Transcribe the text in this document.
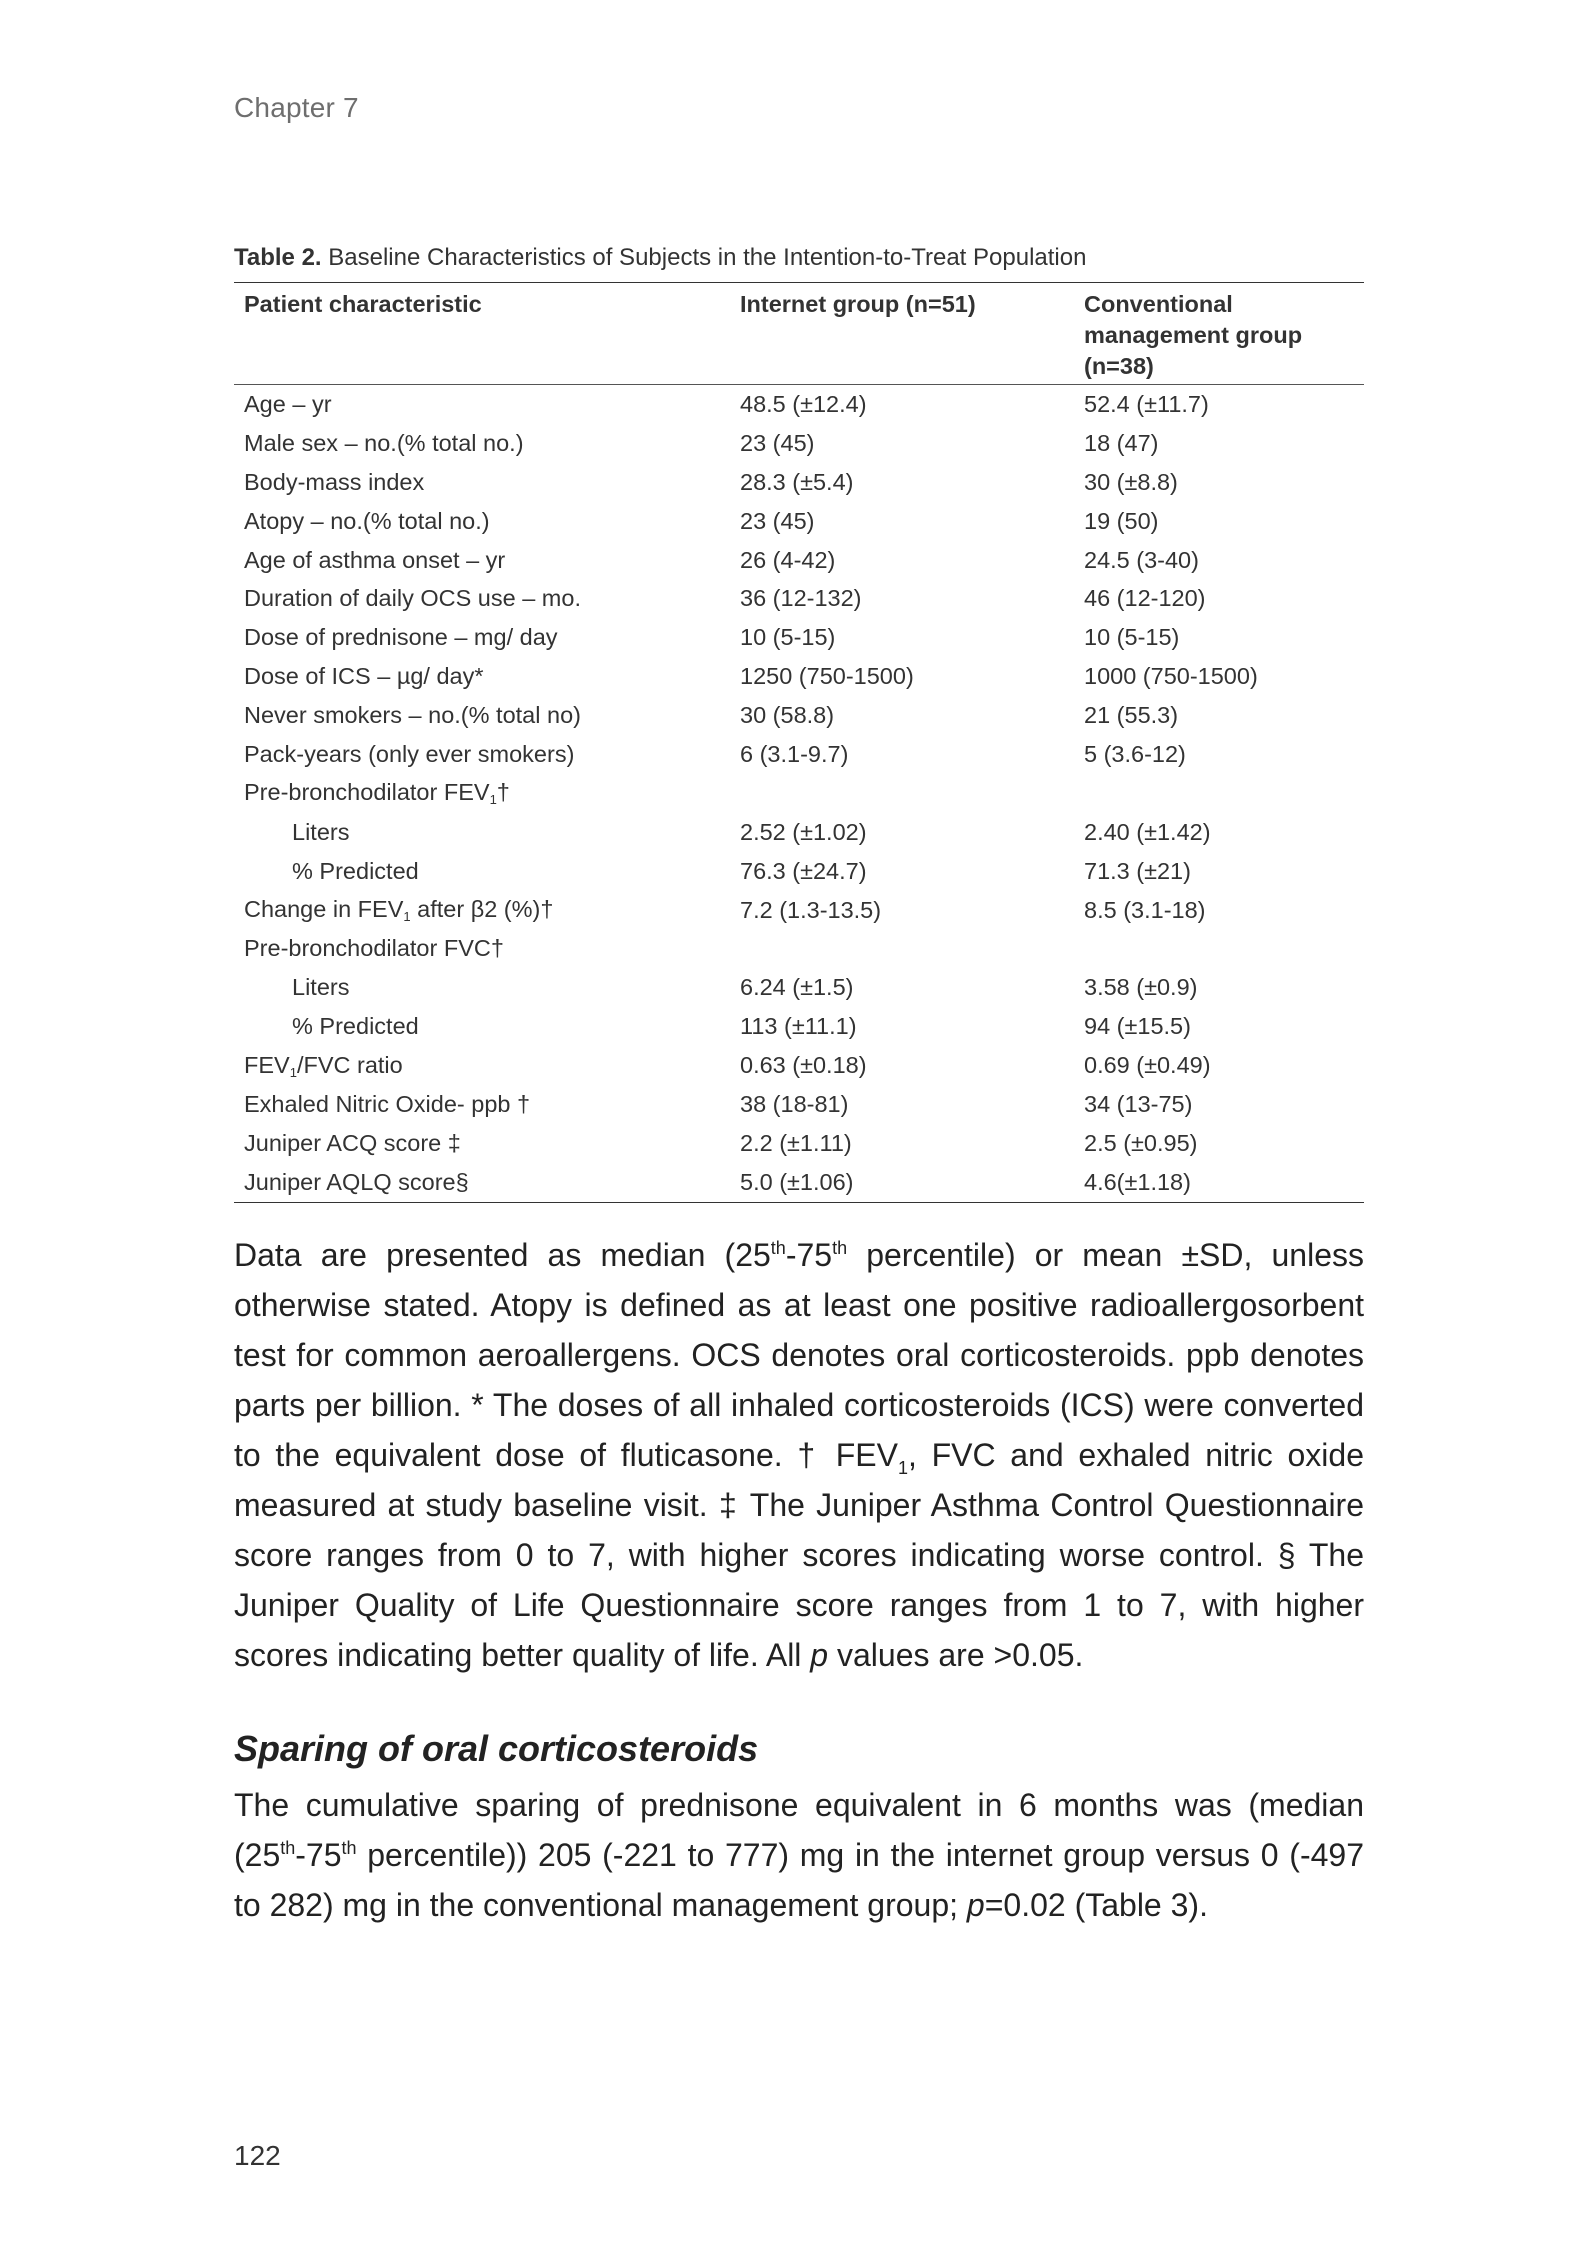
Chapter 7

Table 2. Baseline Characteristics of Subjects in the Intention-to-Treat Population

Patient characteristic	Internet group (n=51)	Conventional management group (n=38)
Age – yr	48.5 (±12.4)	52.4 (±11.7)
Male sex – no.(% total no.)	23 (45)	18 (47)
Body-mass index	28.3 (±5.4)	30 (±8.8)
Atopy – no.(% total no.)	23 (45)	19 (50)
Age of asthma onset – yr	26 (4-42)	24.5 (3-40)
Duration of daily OCS use – mo.	36 (12-132)	46 (12-120)
Dose of prednisone – mg/ day	10 (5-15)	10 (5-15)
Dose of ICS – µg/ day*	1250 (750-1500)	1000 (750-1500)
Never smokers – no.(% total no)	30 (58.8)	21 (55.3)
Pack-years (only ever smokers)	6 (3.1-9.7)	5 (3.6-12)
Pre-bronchodilator $FEV_1\dagger$		
Liters	2.52 (±1.02)	2.40 (±1.42)
% Predicted	76.3 (±24.7)	71.3 (±21)
Change in $FEV_1$ after β2 (%)†	7.2 (1.3-13.5)	8.5 (3.1-18)
Pre-bronchodilator FVC†		
Liters	6.24 (±1.5)	3.58 (±0.9)
% Predicted	113 (±11.1)	94 (±15.5)
$FEV_1$/FVC ratio	0.63 (±0.18)	0.69 (±0.49)
Exhaled Nitric Oxide- ppb †	38 (18-81)	34 (13-75)
Juniper ACQ score ‡	2.2 (±1.11)	2.5 (±0.95)
Juniper AQLQ score§	5.0 (±1.06)	4.6(±1.18)

Data are presented as median (25th-75th percentile) or mean ±SD, unless otherwise stated. Atopy is defined as at least one positive radioallergosorbent test for common aeroallergens. OCS denotes oral corticosteroids. ppb denotes parts per billion. * The doses of all inhaled corticosteroids (ICS) were converted to the equivalent dose of fluticasone. † $FEV_1$, FVC and exhaled nitric oxide measured at study baseline visit. ‡ The Juniper Asthma Control Questionnaire score ranges from 0 to 7, with higher scores indicating worse control. § The Juniper Quality of Life Questionnaire score ranges from 1 to 7, with higher scores indicating better quality of life. All p values are >0.05.

Sparing of oral corticosteroids

The cumulative sparing of prednisone equivalent in 6 months was (median (25th-75th percentile)) 205 (-221 to 777) mg in the internet group versus 0 (-497 to 282) mg in the conventional management group; p=0.02 (Table 3).

122
